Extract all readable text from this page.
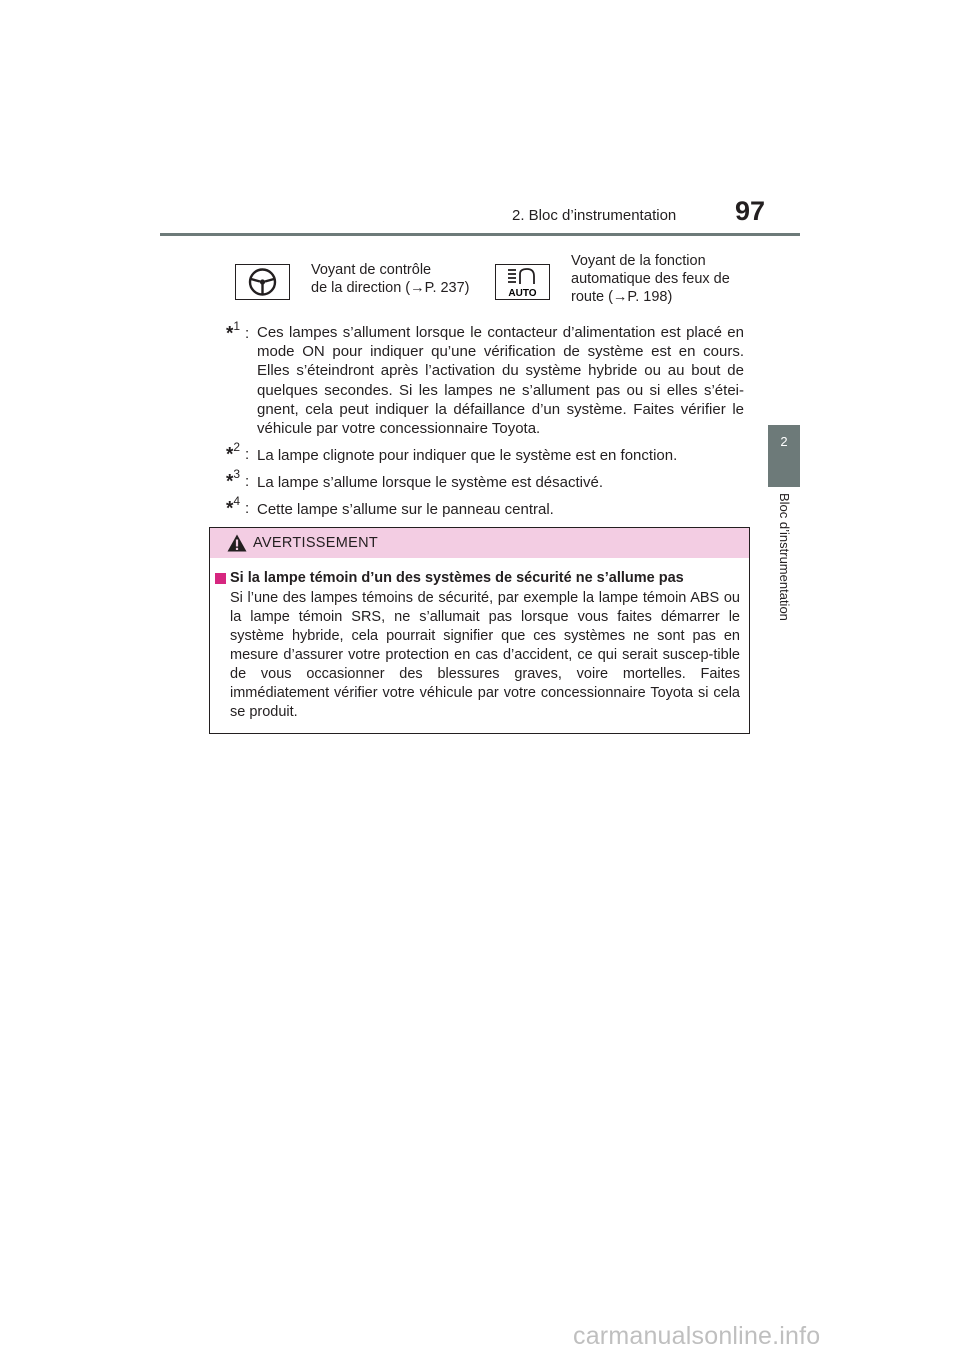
2. Bloc d’instrumentation 97
2
Bloc d’instrumentation
Voyant de contrôle
de la direction (→P. 237)	AUTO
Voyant de la fonction
automatique des feux de
route (→P. 198)
*$^1$ : Ces lampes s’allument lorsque le contacteur d’alimentation est placé en mode ON pour indiquer qu’une vérification de système est en cours. Elles s’éteindront après l’activation du système hybride ou au bout de quelques secondes. Si les lampes ne s’allument pas ou si elles s’étei-gnent, cela peut indiquer la défaillance d’un système. Faites vérifier le véhicule par votre concessionnaire Toyota.
*$^2$ : La lampe clignote pour indiquer que le système est en fonction.
*$^3$ : La lampe s’allume lorsque le système est désactivé.
*$^4$ : Cette lampe s’allume sur le panneau central.
AVERTISSEMENT
Si la lampe témoin d’un des systèmes de sécurité ne s’allume pas
Si l’une des lampes témoins de sécurité, par exemple la lampe témoin ABS ou la lampe témoin SRS, ne s’allumait pas lorsque vous faites démarrer le système hybride, cela pourrait signifier que ces systèmes ne sont pas en mesure d’assurer votre protection en cas d’accident, ce qui serait suscep-tible de vous occasionner des blessures graves, voire mortelles. Faites immédiatement vérifier votre véhicule par votre concessionnaire Toyota si cela se produit.
carmanualsonline.info
